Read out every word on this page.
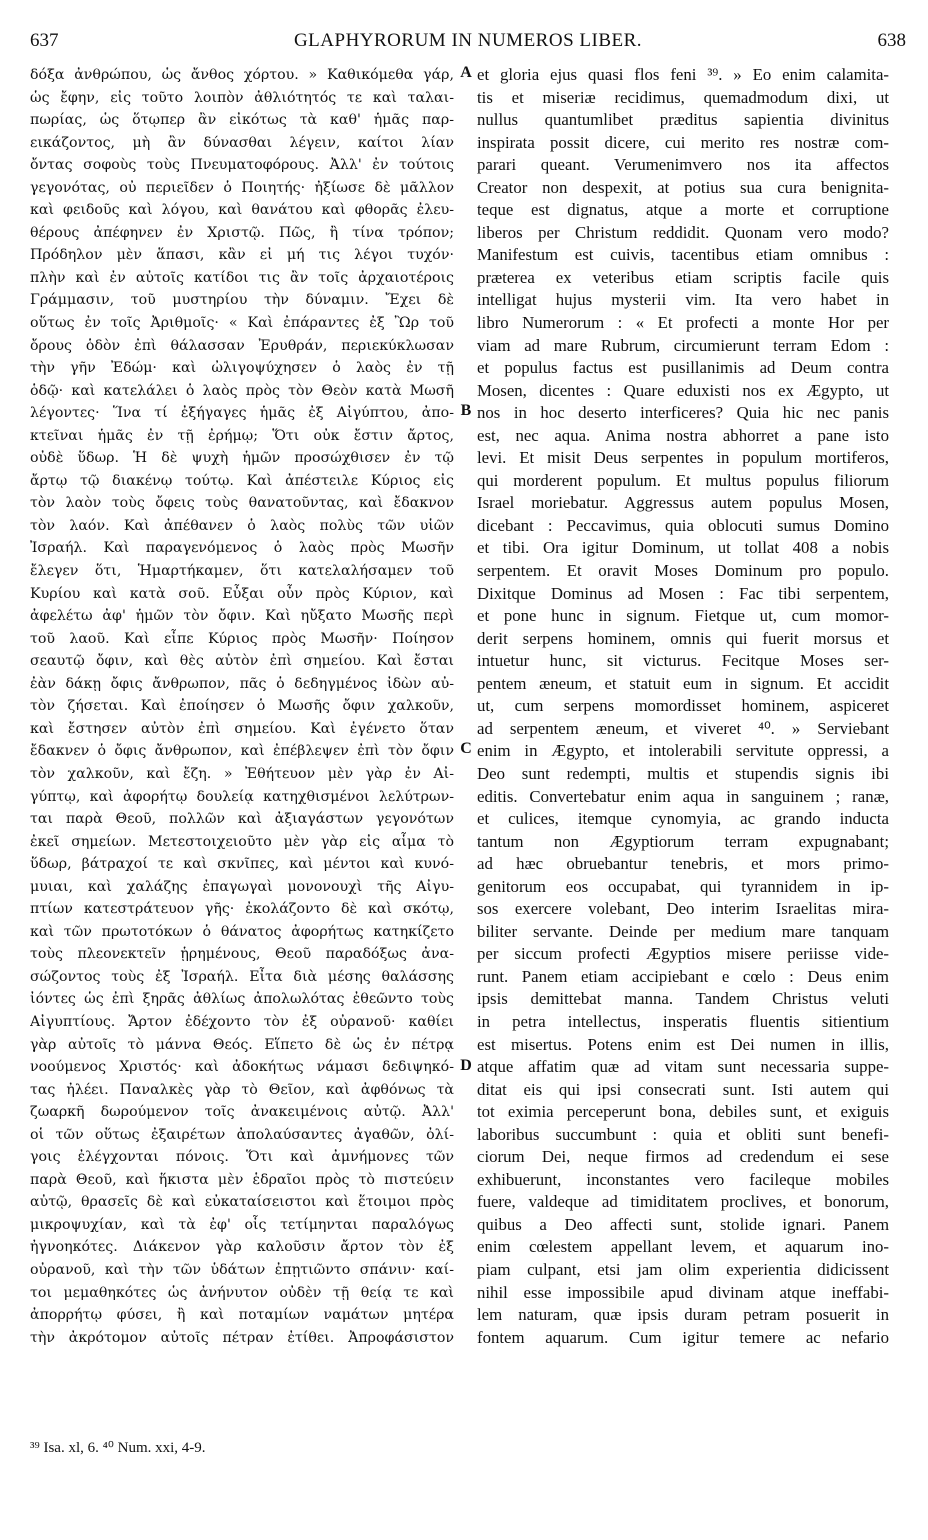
637	GLAPHYRORUM IN NUMEROS LIBER.	638
δόξα ἀνθρώπου, ὡς ἄνθος χόρτου. » Καθικόμεθα γάρ,
ὡς ἔφην, εἰς τοῦτο λοιπὸν ἀθλιότητός τε καὶ ταλαι-
πωρίας, ὡς ὅτῳπερ ἂν εἰκότως τὰ καθ' ἡμᾶς παρ-
εικάζοντος, μὴ ἂν δύνασθαι λέγειν, καίτοι λίαν
ὄντας σοφοὺς τοὺς Πνευματοφόρους. Ἀλλ' ἐν τούτοις
γεγονότας, οὐ περιεῖδεν ὁ Ποιητής· ἠξίωσε δὲ μᾶλλον
καὶ φειδοῦς καὶ λόγου, καὶ θανάτου καὶ φθορᾶς ἐλευ-
θέρους ἀπέφηνεν ἐν Χριστῷ. Πῶς, ἢ τίνα τρόπον;
Πρόδηλον μὲν ἅπασι, κἂν εἰ μή τις λέγοι τυχόν·
πλὴν καὶ ἐν αὐτοῖς κατίδοι τις ἂν τοῖς ἀρχαιοτέροις
Γράμμασιν, τοῦ μυστηρίου τὴν δύναμιν. Ἔχει δὲ
οὕτως ἐν τοῖς Ἀριθμοῖς· « Καὶ ἐπάραντες ἐξ Ὢρ τοῦ
ὄρους ὁδὸν ἐπὶ θάλασσαν Ἐρυθράν, περιεκύκλωσαν
τὴν γῆν Ἐδώμ· καὶ ὠλιγοψύχησεν ὁ λαὸς ἐν τῇ
ὁδῷ· καὶ κατελάλει ὁ λαὸς πρὸς τὸν Θεὸν κατὰ Μωσῆ
λέγοντες· Ἵνα τί ἐξήγαγες ἡμᾶς ἐξ Αἰγύπτου, ἀπο-
κτεῖναι ἡμᾶς ἐν τῇ ἐρήμῳ; Ὅτι οὐκ ἔστιν ἄρτος,
οὐδὲ ὕδωρ. Ἡ δὲ ψυχὴ ἡμῶν προσώχθισεν ἐν τῷ
ἄρτῳ τῷ διακένῳ τούτῳ. Καὶ ἀπέστειλε Κύριος εἰς
τὸν λαὸν τοὺς ὄφεις τοὺς θανατοῦντας, καὶ ἔδακνον
τὸν λαόν. Καὶ ἀπέθανεν ὁ λαὸς πολὺς τῶν υἱῶν
Ἰσραήλ. Καὶ παραγενόμενος ὁ λαὸς πρὸς Μωσῆν
ἔλεγεν ὅτι, Ἡμαρτήκαμεν, ὅτι κατελαλήσαμεν τοῦ
Κυρίου καὶ κατὰ σοῦ. Εὖξαι οὖν πρὸς Κύριον, καὶ
ἀφελέτω ἀφ' ἡμῶν τὸν ὄφιν. Καὶ ηὔξατο Μωσῆς περὶ
τοῦ λαοῦ. Καὶ εἶπε Κύριος πρὸς Μωσῆν· Ποίησον
σεαυτῷ ὄφιν, καὶ θὲς αὐτὸν ἐπὶ σημείου. Καὶ ἔσται
ἐὰν δάκῃ ὄφις ἄνθρωπον, πᾶς ὁ δεδηγμένος ἰδὼν αὐ-
τὸν ζήσεται. Καὶ ἐποίησεν ὁ Μωσῆς ὄφιν χαλκοῦν,
καὶ ἔστησεν αὐτὸν ἐπὶ σημείου. Καὶ ἐγένετο ὅταν
ἔδακνεν ὁ ὄφις ἄνθρωπον, καὶ ἐπέβλεψεν ἐπὶ τὸν ὄφιν
τὸν χαλκοῦν, καὶ ἔζη. » Ἐθήτευον μὲν γὰρ ἐν Αἰ-
γύπτῳ, καὶ ἀφορήτῳ δουλείᾳ κατηχθισμένοι λελύτρων-
ται παρὰ Θεοῦ, πολλῶν καὶ ἀξιαγάστων γεγονότων
ἐκεῖ σημείων. Μετεστοιχειοῦτο μὲν γὰρ εἰς αἷμα τὸ
ὕδωρ, βάτραχοί τε καὶ σκνῖπες, καὶ μέντοι καὶ κυνό-
μυιαι, καὶ χαλάζης ἐπαγωγαὶ μονονουχὶ τῆς Αἰγυ-
πτίων κατεστράτευον γῆς· ἐκολάζοντο δὲ καὶ σκότῳ,
καὶ τῶν πρωτοτόκων ὁ θάνατος ἀφορήτως κατηκίζετο
τοὺς πλεονεκτεῖν ᾑρημένους, Θεοῦ παραδόξως ἀνα-
σώζοντος τοὺς ἐξ Ἰσραήλ. Εἶτα διὰ μέσης θαλάσσης
ἰόντες ὡς ἐπὶ ξηρᾶς ἀθλίως ἀπολωλότας ἐθεῶντο τοὺς
Αἰγυπτίους. Ἄρτον ἐδέχοντο τὸν ἐξ οὐρανοῦ· καθίει
γὰρ αὐτοῖς τὸ μάννα Θεός. Εἵπετο δὲ ὡς ἐν πέτρᾳ
νοούμενος Χριστός· καὶ ἀδοκήτως νάμασι δεδιψηκό-
τας ἠλέει. Παναλκὲς γὰρ τὸ Θεῖον, καὶ ἀφθόνως τὰ
ζωαρκῆ δωρούμενον τοῖς ἀνακειμένοις αὐτῷ. Ἀλλ'
οἱ τῶν οὕτως ἐξαιρέτων ἀπολαύσαντες ἀγαθῶν, ὀλί-
γοις ἐλέγχονται πόνοις. Ὅτι καὶ ἀμνήμονες τῶν
παρὰ Θεοῦ, καὶ ἥκιστα μὲν ἑδραῖοι πρὸς τὸ πιστεύειν
αὐτῷ, θρασεῖς δὲ καὶ εὐκαταίσειστοι καὶ ἕτοιμοι πρὸς
μικροψυχίαν, καὶ τὰ ἐφ' οἷς τετίμηνται παραλόγως
ἠγνοηκότες. Διάκενον γὰρ καλοῦσιν ἄρτον τὸν ἐξ
οὐρανοῦ, καὶ τὴν τῶν ὑδάτων ἐπῃτιῶντο σπάνιν· καί-
τοι μεμαθηκότες ὡς ἀνήνυτον οὐδὲν τῇ θείᾳ τε καὶ
ἀπορρήτῳ φύσει, ἢ καὶ ποταμίων ναμάτων μητέρα
τὴν ἀκρότομον αὐτοῖς πέτραν ἐτίθει. Ἀπροφάσιστον
et gloria ejus quasi flos feni ³⁹. » Eo enim calamita-
tis et miseriæ recidimus, quemadmodum dixi, ut
nullus quantumlibet præditus sapientia divinitus
inspirata possit dicere, cui merito res nostræ com-
parari queant. Verumenimvero nos ita affectos
Creator non despexit, at potius sua cura benignita-
teque est dignatus, atque a morte et corruptione
liberos per Christum reddidit. Quonam vero modo?
Manifestum est cuivis, tacentibus etiam omnibus :
præterea ex veteribus etiam scriptis facile quis
intelligat hujus mysterii vim. Ita vero habet in
libro Numerorum : « Et profecti a monte Hor per
viam ad mare Rubrum, circumierunt terram Edom :
et populus factus est pusillanimis ad Deum contra
Mosen, dicentes : Quare eduxisti nos ex Ægypto, ut
nos in hoc deserto interficeres? Quia hic nec panis
est, nec aqua. Anima nostra abhorret a pane isto
levi. Et misit Deus serpentes in populum mortiferos,
qui morderent populum. Et multus populus filiorum
Israel moriebatur. Aggressus autem populus Mosen,
dicebant : Peccavimus, quia oblocuti sumus Domino
et tibi. Ora igitur Dominum, ut tollat 408 a nobis
serpentem. Et oravit Moses Dominum pro populo.
Dixitque Dominus ad Mosen : Fac tibi serpentem,
et pone hunc in signum. Fietque ut, cum momor-
derit serpens hominem, omnis qui fuerit morsus et
intuetur hunc, sit victurus. Fecitque Moses ser-
pentem æneum, et statuit eum in signum. Et accidit
ut, cum serpens momordisset hominem, aspiceret
ad serpentem æneum, et viveret ⁴⁰. » Serviebant
enim in Ægypto, et intolerabili servitute oppressi, a
Deo sunt redempti, multis et stupendis signis ibi
editis. Convertebatur enim aqua in sanguinem ; ranæ,
et culices, itemque cynomyia, ac grando inducta
tantum non Ægyptiorum terram expugnabant;
ad hæc obruebantur tenebris, et mors primo-
genitorum eos occupabat, qui tyrannidem in ip-
sos exercere volebant, Deo interim Israelitas mira-
biliter servante. Deinde per medium mare tanquam
per siccum profecti Ægyptios misere periisse vide-
runt. Panem etiam accipiebant e cœlo : Deus enim
ipsis demittebat manna. Tandem Christus veluti
in petra intellectus, insperatis fluentis sitientium
est misertus. Potens enim est Dei numen in illis,
atque affatim quæ ad vitam sunt necessaria suppe-
ditat eis qui ipsi consecrati sunt. Isti autem qui
tot eximia perceperunt bona, debiles sunt, et exiguis
laboribus succumbunt : quia et obliti sunt benefi-
ciorum Dei, neque firmos ad credendum ei sese
exhibuerunt, inconstantes vero facileque mobiles
fuere, valdeque ad timiditatem proclives, et bonorum,
quibus a Deo affecti sunt, stolide ignari. Panem
enim cœlestem appellant levem, et aquarum ino-
piam culpant, etsi jam olim experientia didicissent
nihil esse impossibile apud divinam atque ineffabi-
lem naturam, quæ ipsis duram petram posuerit in
fontem aquarum. Cum igitur temere ac nefario
A
B
C
D
³⁹ Isa. xl, 6. ⁴⁰ Num. xxi, 4-9.
